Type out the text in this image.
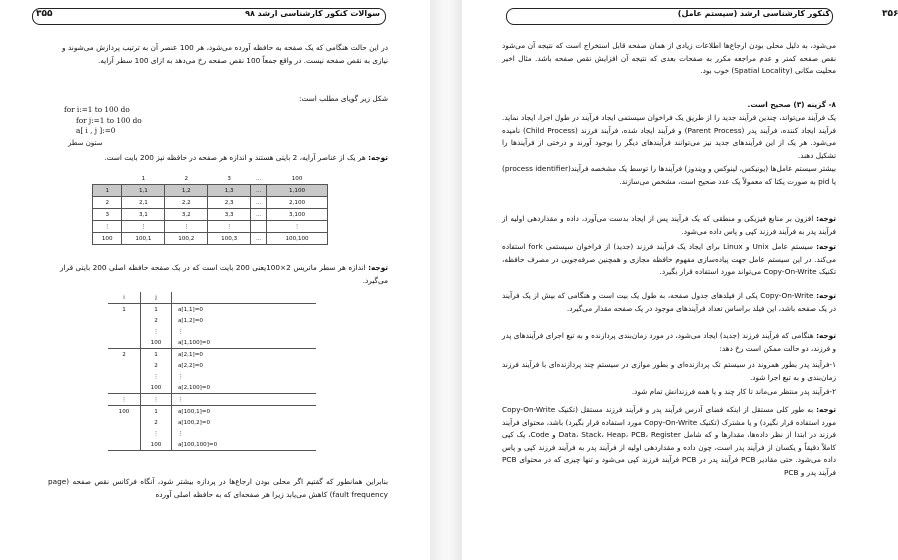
سوالات کنکور کارشناسی ارشد ۹۸
۳۵۵

در این حالت هنگامی که یک صفحه به حافظه آورده می‌شود، هر 100 عنصر آن به ترتیب پردازش می‌شوند و نیازی به نقص صفحه نیست. در واقع جمعاً 100 نقص صفحه رخ می‌دهد به ازای 100 سطر آرایه.

شکل زیر گویای مطلب است:

for i:=1 to 100 do
for j:=1 to 100 do
a[ i , j ]:=0
ستون سطر

توجه: هر یک از عناصر آرایه، 2 بایتی هستند و اندازه هر صفحه در حافظه نیز 200 بایت است.

	1	2	3	...	100
1	1,1	1,2	1,3	...	1,100
2	2,1	2,2	2,3	...	2,100
3	3,1	3,2	3,3	...	3,100
⋮	⋮	⋮	⋮		⋮
100	100,1	100,2	100,3	...	100,100

توجه: اندازه هر سطر ماتریس 2×100یعنی 200 بایت است که در یک صفحه حافظه اصلی 200 بایتی قرار می‌گیرد.

i	j	
1	1	a[1,1]=0
	2	a[1,2]=0
	⋮	⋮
	100	a[1,100]=0
2	1	a[2,1]=0
	2	a[2,2]=0
	⋮	⋮
	100	a[2,100]=0
⋮	⋮	⋮
100	1	a[100,1]=0
	2	a[100,2]=0
	⋮	⋮
	100	a[100,100]=0

بنابراین همانطور که گفتیم اگر محلی بودن ارجاع‌ها در پردازه بیشتر شود، آنگاه فرکانس نقص صفحه (page fault frequency) کاهش می‌یابد زیرا هر صفحه‌ای که به حافظه اصلی آورده

کنکور کارشناسی ارشد (سیستم عامل)	۳۵۶

می‌شود، به دلیل محلی بودن ارجاع‌ها اطلاعات زیادی از همان صفحه قابل استخراج است که نتیجه آن می‌شود نقص صفحه کمتر و عدم مراجعه مکرر به صفحات بعدی که نتیجه آن افزایش نقص صفحه باشد. مثال اخیر محلیت مکانی (Spatial Locality) خوب بود.

۸- گزینه (۳) صحیح است.

یک فرآیند می‌تواند، چندین فرآیند جدید را از طریق یک فراخوان سیستمی ایجاد فرآیند در طول اجرا، ایجاد نماید. فرآیند ایجاد کننده، فرآیند پدر (Parent Process) و فرآیند ایجاد شده، فرآیند فرزند (Child Process) نامیده می‌شود. هر یک از این فرآیندهای جدید نیز می‌توانند فرآیندهای دیگر را بوجود آورند و درختی از فرآیندها را تشکیل دهند.

بیشتر سیستم عامل‌ها (یونیکس، لینوکس و ویندوز) فرآیندها را توسط یک مشخصه فرآیند(process identifier) یا pid به صورت یکتا که معمولاً یک عدد صحیح است، مشخص می‌سازند.

توجه: افزون بر منابع فیزیکی و منطقی که یک فرآیند پس از ایجاد بدست می‌آورد، داده و مقداردهی اولیه از فرآیند پدر به فرآیند فرزند کپی و پاس داده می‌شود.

توجه: سیستم عامل Unix و Linux برای ایجاد یک فرآیند فرزند (جدید) از فراخوان سیستمی fork استفاده می‌کند. در این سیستم عامل جهت پیاده‌سازی مفهوم حافظه مجازی و همچنین صرفه‌جویی در مصرف حافظه، تکنیک Copy-On-Write می‌تواند مورد استفاده قرار بگیرد.

توجه: Copy-On-Write یکی از فیلدهای جدول صفحه، به طول یک بیت است و هنگامی که بیش از یک فرآیند در یک صفحه باشد، این فیلد براساس تعداد فرآیندهای موجود در یک صفحه مقدار می‌گیرد.

توجه: هنگامی که فرآیند فرزند (جدید) ایجاد می‌شود، در مورد زمان‌بندی پردازنده و به تبع اجرای فرآیندهای پدر و فرزند، دو حالت ممکن است رخ دهد:

۱-فرآیند پدر بطور همروند در سیستم تک پردازنده‌ای و بطور موازی در سیستم چند پردازنده‌ای با فرآیند فرزند زمان‌بندی و به تبع اجرا شود.

۲-فرآیند پدر منتظر می‌ماند تا کار چند و یا همه فرزندانش تمام شود.

توجه: به طور کلی مستقل از اینکه فضای آدرس فرآیند پدر و فرآیند فرزند مستقل (تکنیک Copy-On-Write مورد استفاده قرار نگیرد) و یا مشترک (تکنیک Copy-On-Write مورد استفاده قرار بگیرد) باشد، محتوای فرآیند فرزند در ابتدا از نظر داده‌ها، مقدارها و که شامل Data، Stack، Heap، PCB، Register و Code، یک کپی کاملاً دقیقاً و یکسان از فرآیند پدر است، چون داده و مقداردهی اولیه از فرآیند پدر به فرآیند فرزند کپی و پاس داده می‌شود. حتی مقادیر PCB فرآیند پدر در PCB فرآیند فرزند کپی می‌شود و تنها چیزی که در محتوای PCB فرآیند پدر و PCB
